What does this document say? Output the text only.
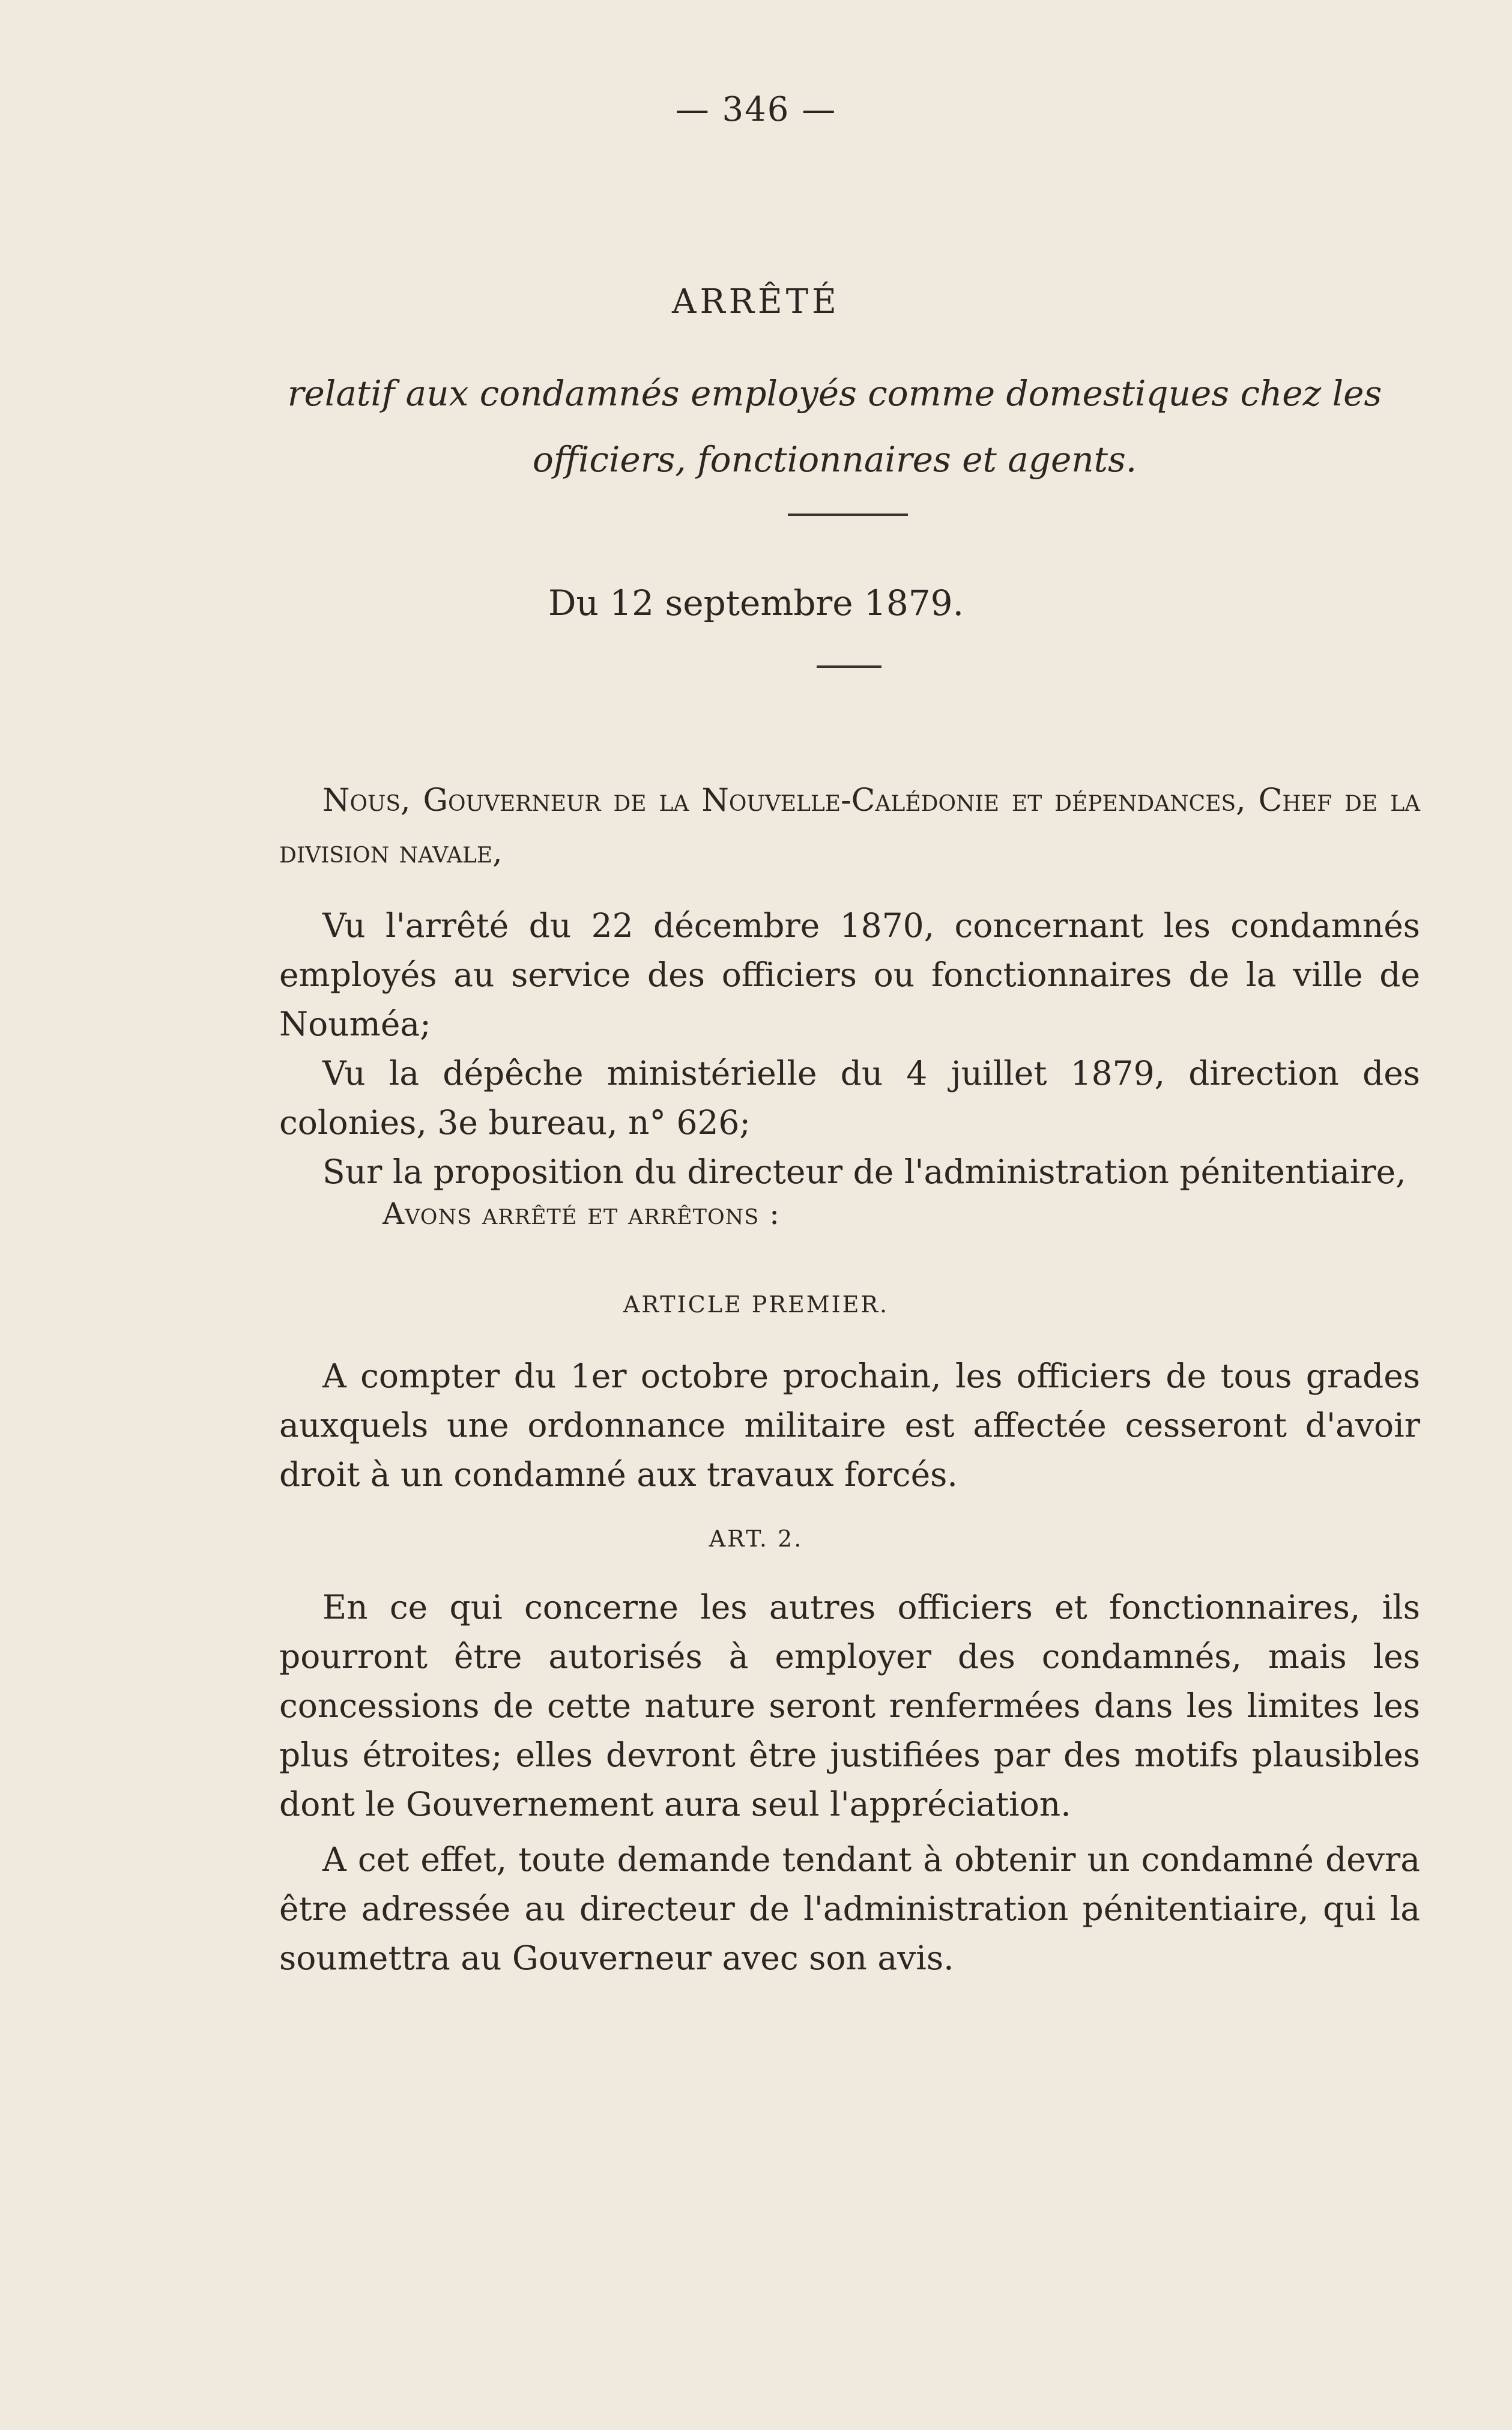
— 346 —
ARRÊTÉ
relatif aux condamnés employés comme domestiques chez les officiers, fonctionnaires et agents.
Du 12 septembre 1879.
Nous, Gouverneur de la Nouvelle-Calédonie et dépendances, Chef de la division navale,

Vu l'arrêté du 22 décembre 1870, concernant les condamnés employés au service des officiers ou fonctionnaires de la ville de Nouméa;

Vu la dépêche ministérielle du 4 juillet 1879, direction des colonies, 3e bureau, n° 626;

Sur la proposition du directeur de l'administration pénitentiaire,

Avons arrêté et arrêtons :
ARTICLE PREMIER.

A compter du 1er octobre prochain, les officiers de tous grades auxquels une ordonnance militaire est affectée cesseront d'avoir droit à un condamné aux travaux forcés.

ART. 2.

En ce qui concerne les autres officiers et fonctionnaires, ils pourront être autorisés à employer des condamnés, mais les concessions de cette nature seront renfermées dans les limites les plus étroites; elles devront être justifiées par des motifs plausibles dont le Gouvernement aura seul l'appréciation.

A cet effet, toute demande tendant à obtenir un condamné devra être adressée au directeur de l'administration pénitentiaire, qui la soumettra au Gouverneur avec son avis.
